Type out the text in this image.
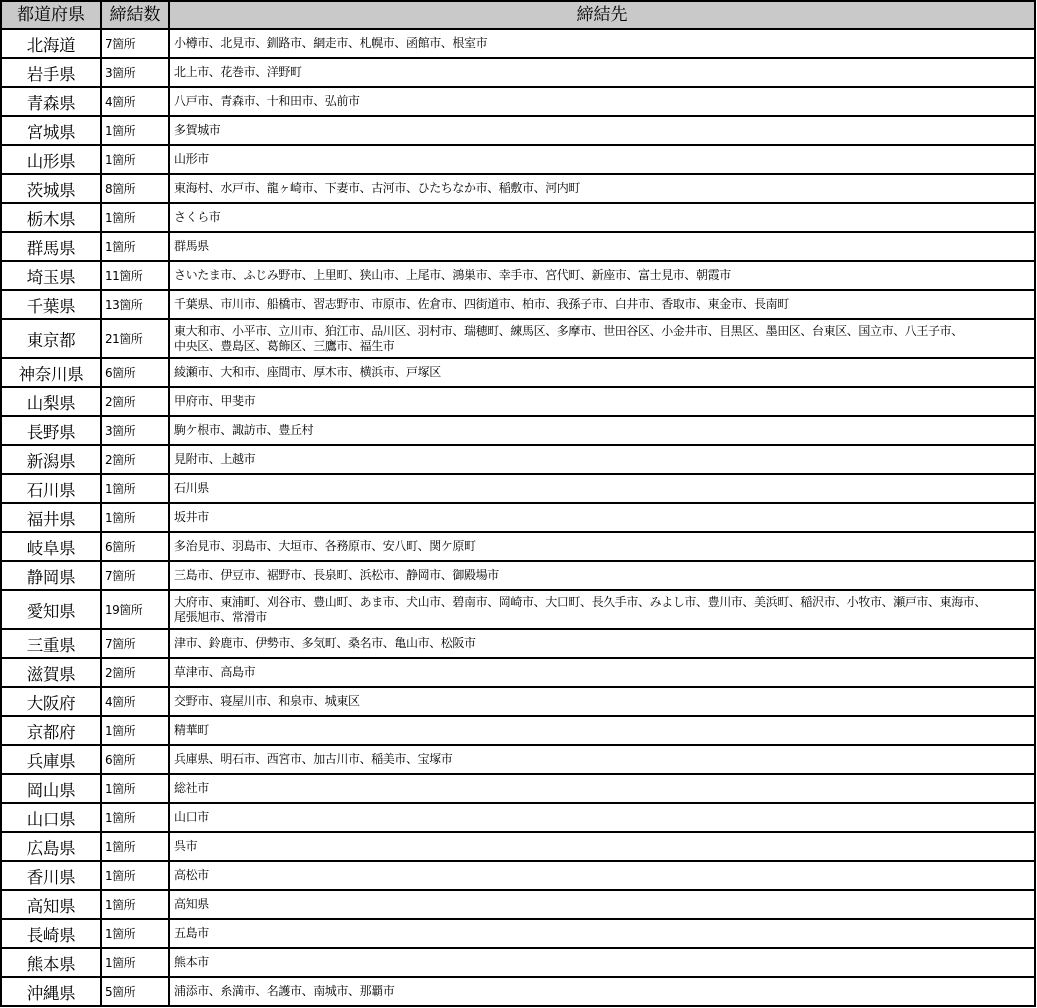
都道府県	締結数	締結先
北海道	7箇所	小樽市、北見市、釧路市、網走市、札幌市、函館市、根室市

岩手県	3箇所	北上市、花巻市、洋野町

青森県	4箇所	八戸市、青森市、十和田市、弘前市

宮城県	1箇所	多賀城市

山形県	1箇所	山形市

茨城県	8箇所	東海村、水戸市、龍ヶ崎市、下妻市、古河市、ひたちなか市、稲敷市、河内町

栃木県	1箇所	さくら市

群馬県	1箇所	群馬県

埼玉県	11箇所	さいたま市、ふじみ野市、上里町、狭山市、上尾市、鴻巣市、幸手市、宮代町、新座市、富士見市、朝霞市

千葉県	13箇所	千葉県、市川市、船橋市、習志野市、市原市、佐倉市、四街道市、柏市、我孫子市、白井市、香取市、東金市、長南町

東京都	21箇所	東大和市、小平市、立川市、狛江市、品川区、羽村市、瑞穂町、練馬区、多摩市、世田谷区、小金井市、目黒区、墨田区、台東区、国立市、八王子市、
中央区、豊島区、葛飾区、三鷹市、福生市

神奈川県	6箇所	綾瀬市、大和市、座間市、厚木市、横浜市、戸塚区

山梨県	2箇所	甲府市、甲斐市

長野県	3箇所	駒ケ根市、諏訪市、豊丘村

新潟県	2箇所	見附市、上越市

石川県	1箇所	石川県

福井県	1箇所	坂井市

岐阜県	6箇所	多治見市、羽島市、大垣市、各務原市、安八町、関ケ原町

静岡県	7箇所	三島市、伊豆市、裾野市、長泉町、浜松市、静岡市、御殿場市

愛知県	19箇所	大府市、東浦町、刈谷市、豊山町、あま市、犬山市、碧南市、岡崎市、大口町、長久手市、みよし市、豊川市、美浜町、稲沢市、小牧市、瀬戸市、東海市、
尾張旭市、常滑市

三重県	7箇所	津市、鈴鹿市、伊勢市、多気町、桑名市、亀山市、松阪市

滋賀県	2箇所	草津市、高島市

大阪府	4箇所	交野市、寝屋川市、和泉市、城東区

京都府	1箇所	精華町

兵庫県	6箇所	兵庫県、明石市、西宮市、加古川市、稲美市、宝塚市

岡山県	1箇所	総社市

山口県	1箇所	山口市

広島県	1箇所	呉市

香川県	1箇所	高松市

高知県	1箇所	高知県

長崎県	1箇所	五島市

熊本県	1箇所	熊本市

沖縄県	5箇所	浦添市、糸満市、名護市、南城市、那覇市
